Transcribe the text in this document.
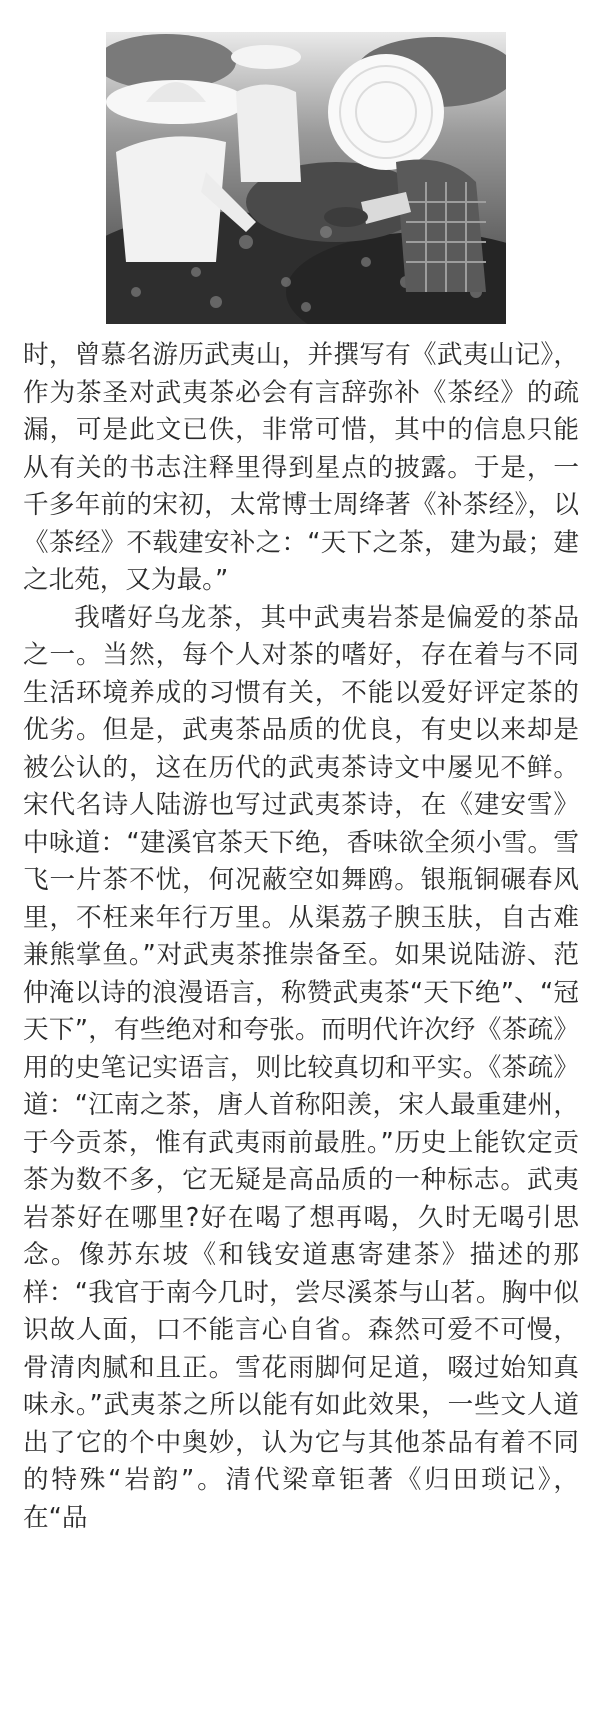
时，曾慕名游历武夷山，并撰写有《武夷山记》，作为茶圣对武夷茶必会有言辞弥补《茶经》的疏漏，可是此文已佚，非常可惜，其中的信息只能从有关的书志注释里得到星点的披露。于是，一千多年前的宋初，太常博士周绛著《补茶经》，以《茶经》不载建安补之：“天下之茶，建为最；建之北苑，又为最。”

我嗜好乌龙茶，其中武夷岩茶是偏爱的茶品之一。当然，每个人对茶的嗜好，存在着与不同生活环境养成的习惯有关，不能以爱好评定茶的优劣。但是，武夷茶品质的优良，有史以来却是被公认的，这在历代的武夷茶诗文中屡见不鲜。宋代名诗人陆游也写过武夷茶诗，在《建安雪》中咏道：“建溪官茶天下绝，香味欲全须小雪。雪飞一片茶不忧，何况蔽空如舞鸥。银瓶铜碾春风里，不枉来年行万里。从渠荔子腴玉肤，自古难兼熊掌鱼。”对武夷茶推崇备至。如果说陆游、范仲淹以诗的浪漫语言，称赞武夷茶“天下绝”、“冠天下”，有些绝对和夸张。而明代许次纾《茶疏》用的史笔记实语言，则比较真切和平实。《茶疏》道：“江南之茶，唐人首称阳羡，宋人最重建州，于今贡茶，惟有武夷雨前最胜。”历史上能钦定贡茶为数不多，它无疑是高品质的一种标志。武夷岩茶好在哪里?好在喝了想再喝，久时无喝引思念。像苏东坡《和钱安道惠寄建茶》描述的那样：“我官于南今几时，尝尽溪茶与山茗。胸中似识故人面，口不能言心自省。森然可爱不可慢，骨清肉腻和且正。雪花雨脚何足道，啜过始知真味永。”武夷茶之所以能有如此效果，一些文人道出了它的个中奥妙，认为它与其他茶品有着不同的特殊“岩韵”。清代梁章钜著《归田琐记》，在“品
